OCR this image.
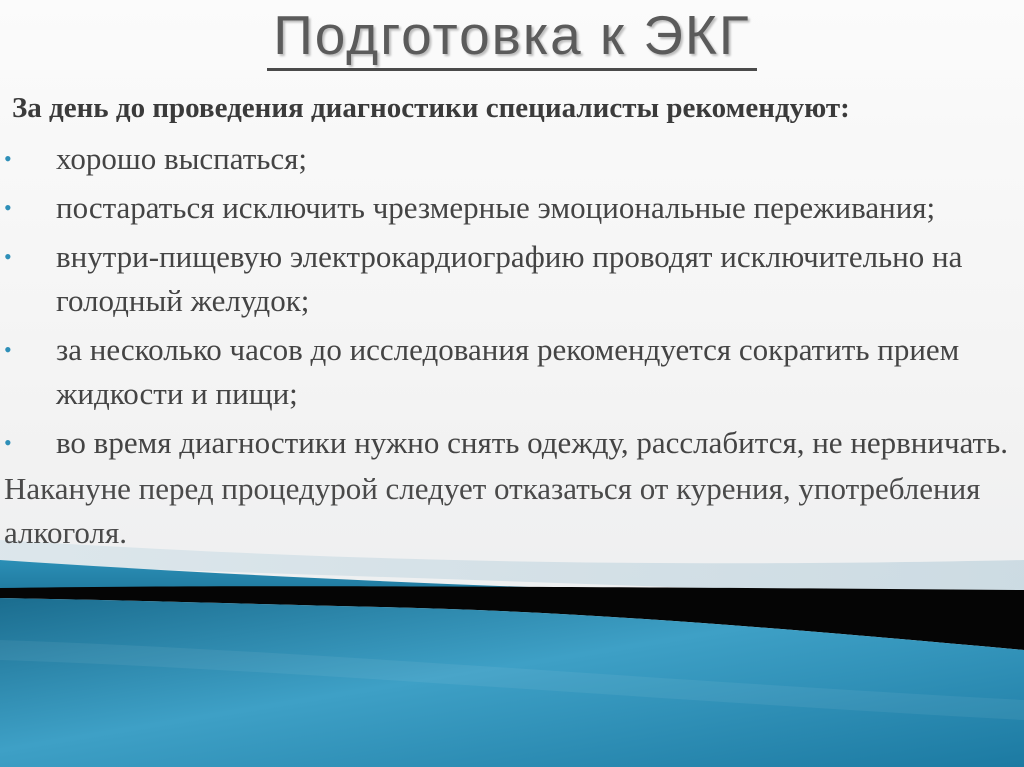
Подготовка к ЭКГ

За день до проведения диагностики специалисты рекомендуют:

• хорошо выспаться;
• постараться исключить чрезмерные эмоциональные переживания;
• внутри-пищевую электрокардиографию проводят исключительно на голодный желудок;
• за несколько часов до исследования рекомендуется сократить прием жидкости и пищи;
• во время диагностики нужно снять одежду, расслабится, не нервничать.

Накануне перед процедурой следует отказаться от курения, употребления алкоголя.
